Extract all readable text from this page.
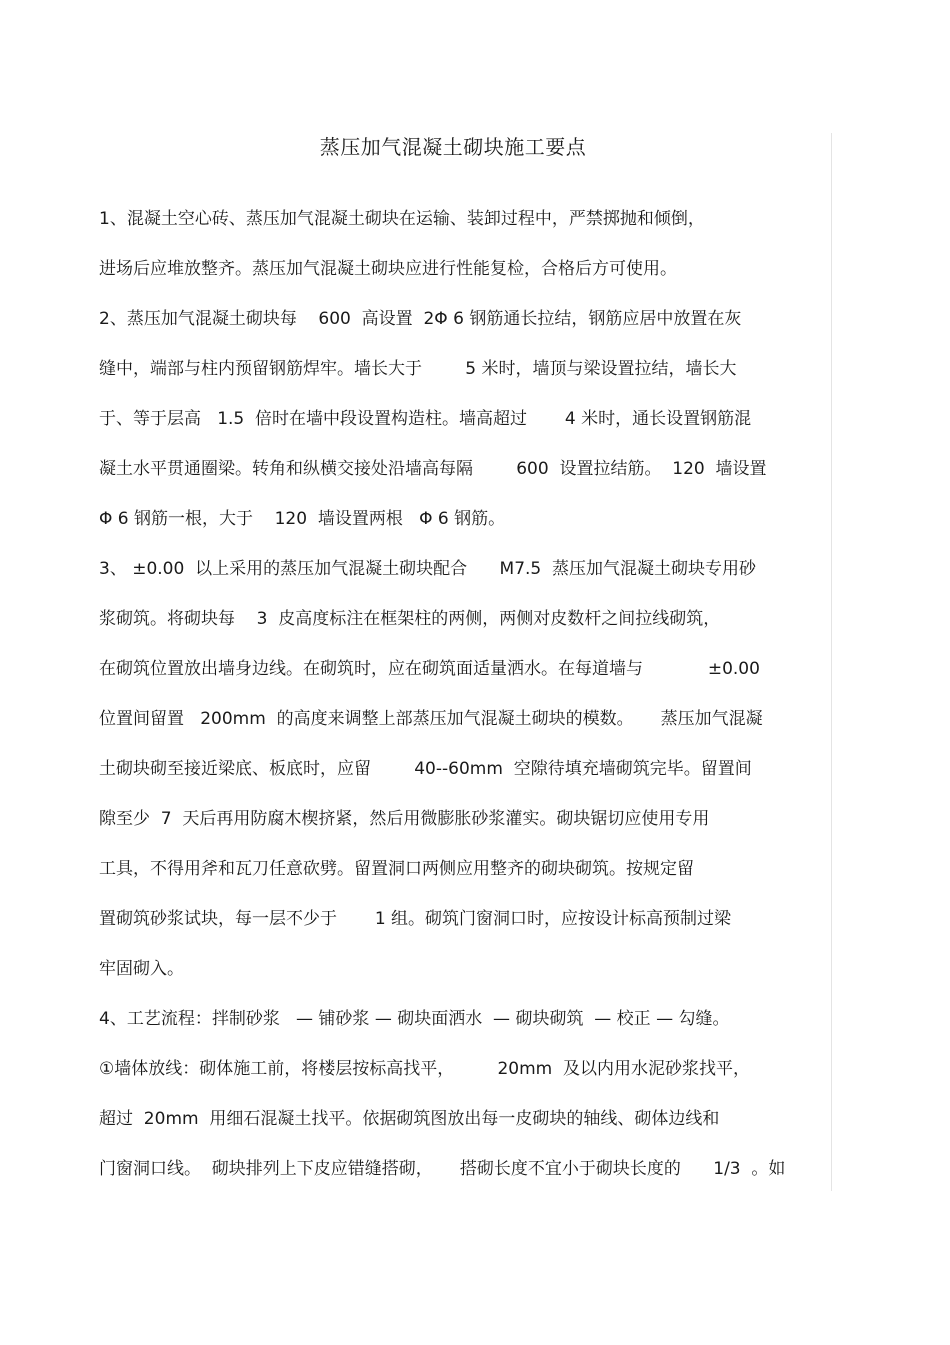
蒸压加气混凝土砌块施工要点
1、混凝土空心砖、蒸压加气混凝土砌块在运输、装卸过程中，严禁掷抛和倾倒，
进场后应堆放整齐。蒸压加气混凝土砌块应进行性能复检，合格后方可使用。
2、蒸压加气混凝土砌块每    600  高设置  2Φ 6 钢筋通长拉结，钢筋应居中放置在灰
缝中，端部与柱内预留钢筋焊牢。墙长大于        5 米时，墙顶与梁设置拉结，墙长大
于、等于层高   1.5  倍时在墙中段设置构造柱。墙高超过       4 米时，通长设置钢筋混
凝土水平贯通圈梁。转角和纵横交接处沿墙高每隔        600  设置拉结筋。  120  墙设置
Φ 6 钢筋一根，大于    120  墙设置两根   Φ 6 钢筋。
3、 ±0.00  以上采用的蒸压加气混凝土砌块配合      M7.5  蒸压加气混凝土砌块专用砂
浆砌筑。将砌块每    3  皮高度标注在框架柱的两侧，两侧对皮数杆之间拉线砌筑，
在砌筑位置放出墙身边线。在砌筑时，应在砌筑面适量洒水。在每道墙与            ±0.00
位置间留置   200mm  的高度来调整上部蒸压加气混凝土砌块的模数。     蒸压加气混凝
土砌块砌至接近梁底、板底时，应留        40--60mm  空隙待填充墙砌筑完毕。留置间
隙至少  7  天后再用防腐木楔挤紧，然后用微膨胀砂浆灌实。砌块锯切应使用专用
工具，不得用斧和瓦刀任意砍劈。留置洞口两侧应用整齐的砌块砌筑。按规定留
置砌筑砂浆试块，每一层不少于       1 组。砌筑门窗洞口时，应按设计标高预制过梁
牢固砌入。
4、工艺流程：拌制砂浆   — 铺砂浆 — 砌块面洒水  — 砌块砌筑  — 校正 — 勾缝。
①墙体放线：砌体施工前，将楼层按标高找平，        20mm  及以内用水泥砂浆找平，
超过  20mm  用细石混凝土找平。依据砌筑图放出每一皮砌块的轴线、砌体边线和
门窗洞口线。  砌块排列上下皮应错缝搭砌，     搭砌长度不宜小于砌块长度的      1/3  。如
